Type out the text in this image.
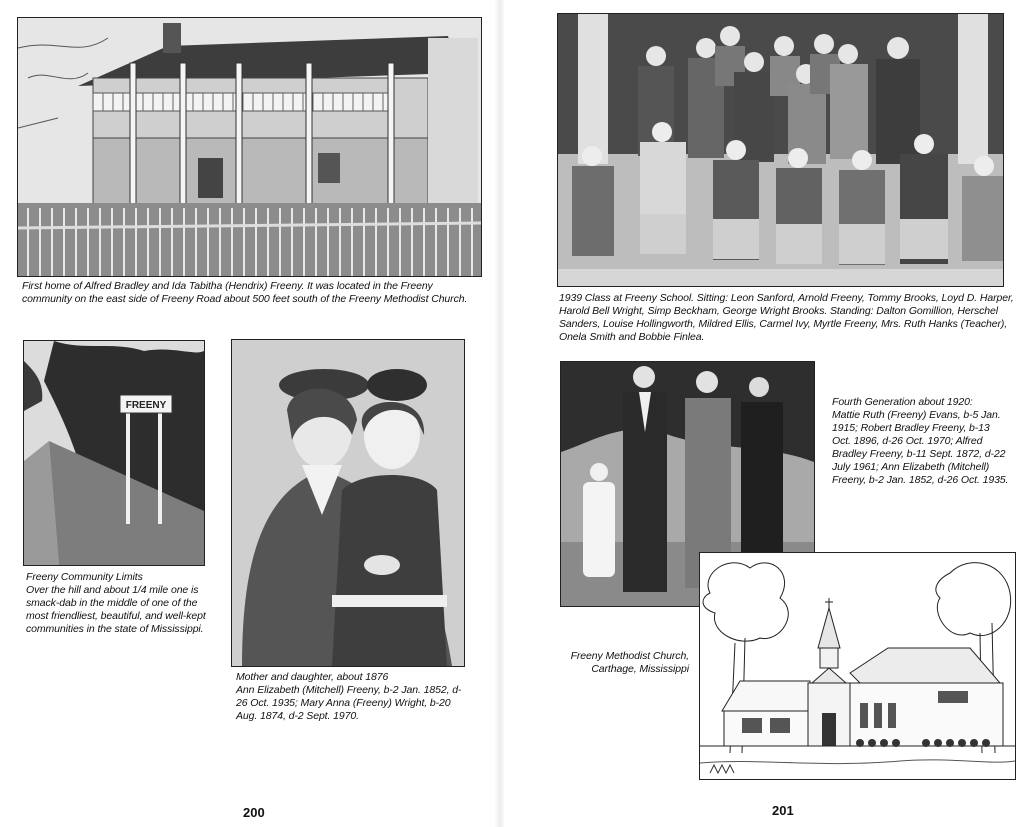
First home of Alfred Bradley and Ida Tabitha (Hendrix) Freeny. It was located in the Freeny community on the east side of Freeny Road about 500 feet south of the Freeny Methodist Church.

FREENY

Freeny Community Limits

Over the hill and about 1/4 mile one is smack-dab in the middle of one of the most friendliest, beautiful, and well-kept communities in the state of Mississippi.

Mother and daughter, about 1876

Ann Elizabeth (Mitchell) Freeny, b-2 Jan. 1852, d-26 Oct. 1935; Mary Anna (Freeny) Wright, b-20 Aug. 1874, d-2 Sept. 1970.

200

1939 Class at Freeny School. Sitting: Leon Sanford, Arnold Freeny, Tommy Brooks, Loyd D. Harper, Harold Bell Wright, Simp Beckham, George Wright Brooks. Standing: Dalton Gomillion, Herschel Sanders, Louise Hollingworth, Mildred Ellis, Carmel Ivy, Myrtle Freeny, Mrs. Ruth Hanks (Teacher), Onela Smith and Bobbie Finlea.

Fourth Generation about 1920:

Mattie Ruth (Freeny) Evans, b-5 Jan. 1915; Robert Bradley Freeny, b-13 Oct. 1896, d-26 Oct. 1970; Alfred Bradley Freeny, b-11 Sept. 1872, d-22 July 1961; Ann Elizabeth (Mitchell) Freeny, b-2 Jan. 1852, d-26 Oct. 1935.

Freeny Methodist Church,

Carthage, Mississippi

201
